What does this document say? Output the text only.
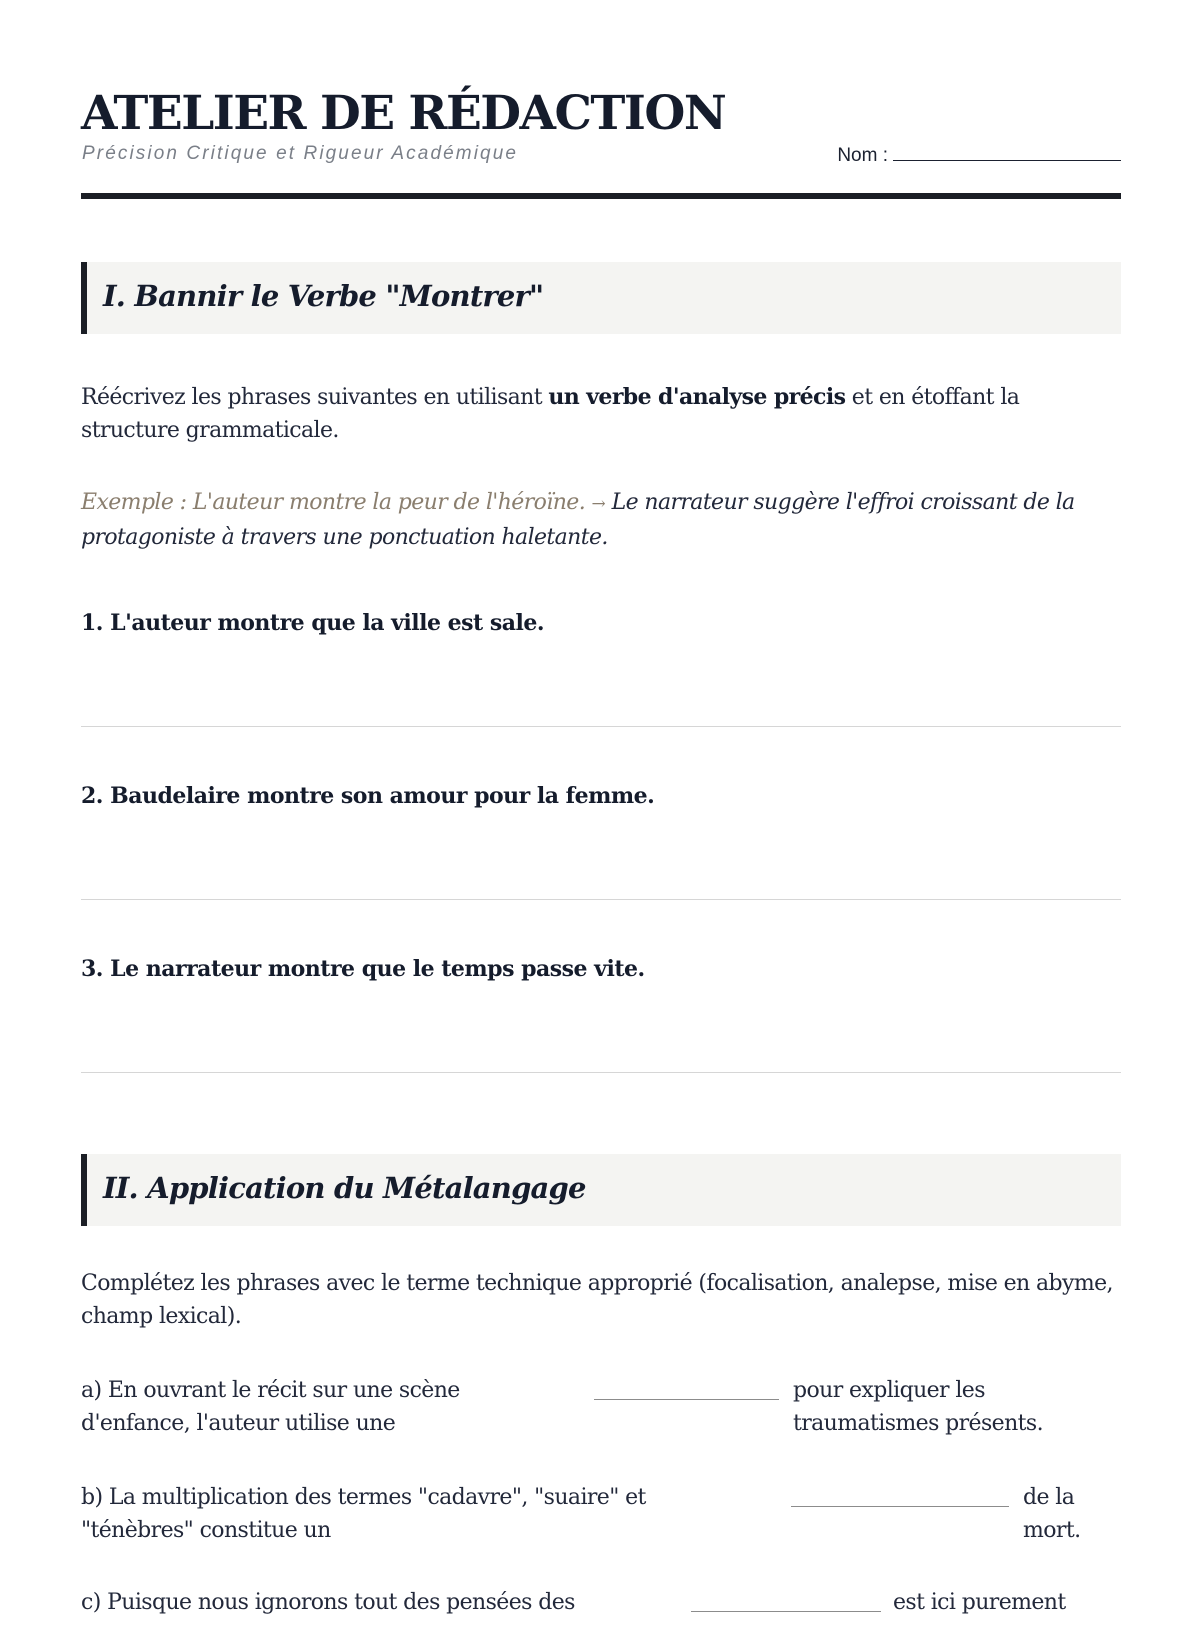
ATELIER DE RÉDACTION
Précision Critique et Rigueur Académique	Nom :
I. Bannir le Verbe "Montrer"
Réécrivez les phrases suivantes en utilisant un verbe d'analyse précis et en étoffant la structure grammaticale.
Exemple : L'auteur montre la peur de l'héroïne. → Le narrateur suggère l'effroi croissant de la protagoniste à travers une ponctuation haletante.
1. L'auteur montre que la ville est sale.
2. Baudelaire montre son amour pour la femme.
3. Le narrateur montre que le temps passe vite.
II. Application du Métalangage
Complétez les phrases avec le terme technique approprié (focalisation, analepse, mise en abyme, champ lexical).
a) En ouvrant le récit sur une scène d'enfance, l'auteur utilise une
pour expliquer les traumatismes présents.
b) La multiplication des termes "cadavre", "suaire" et "ténèbres" constitue un
de la mort.
c) Puisque nous ignorons tout des pensées des	est ici purement
